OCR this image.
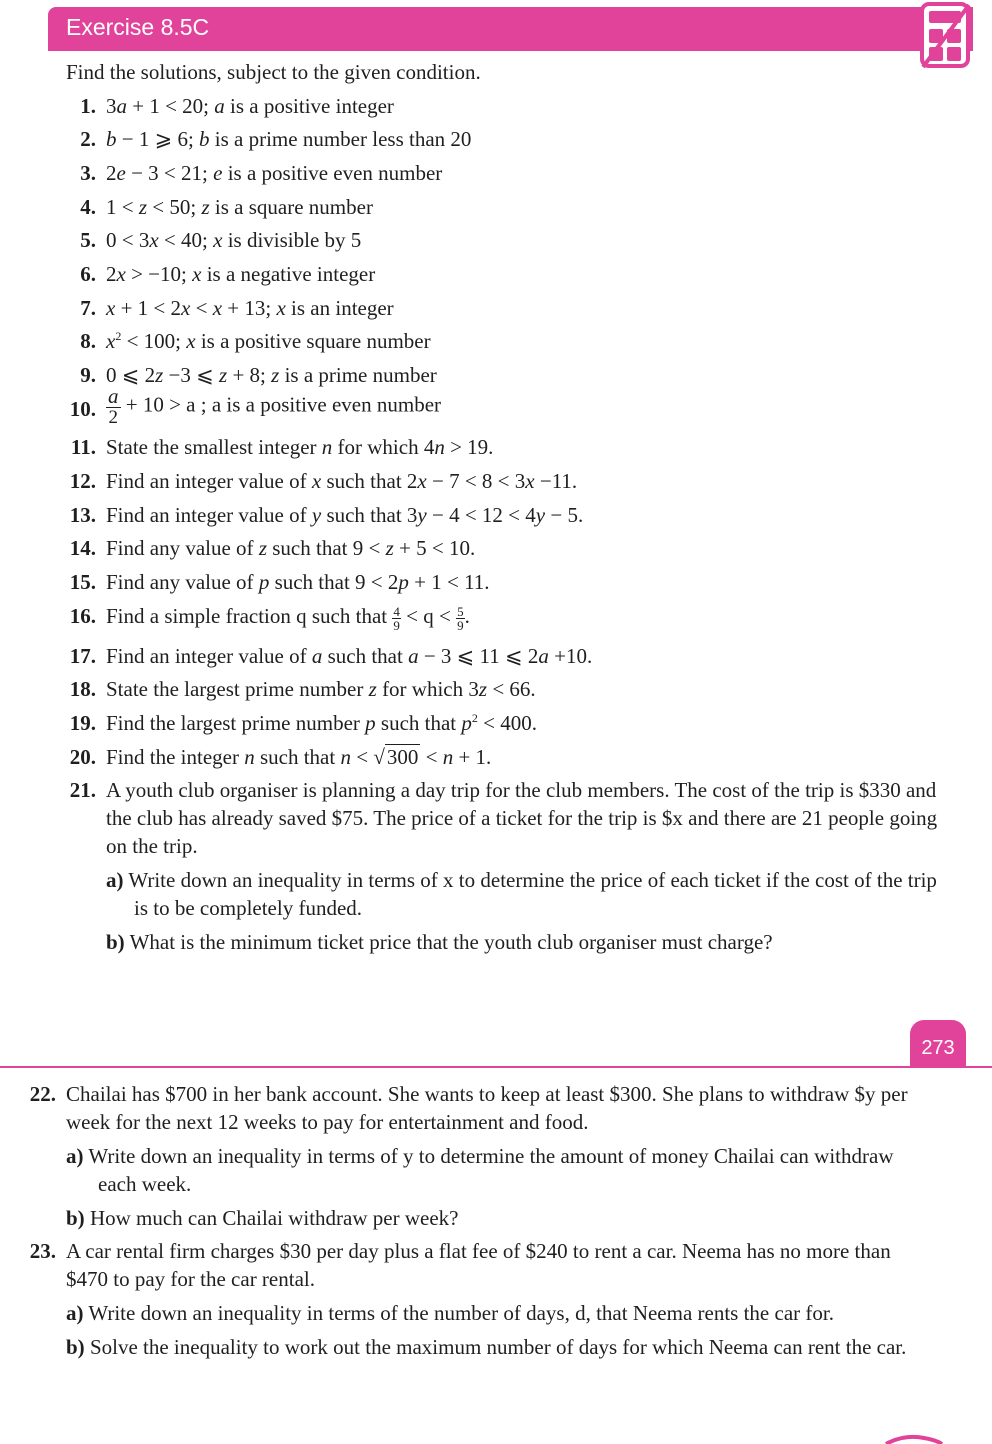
Exercise 8.5C
Find the solutions, subject to the given condition.
1. 3a + 1 < 20; a is a positive integer
2. b − 1 ⩾ 6; b is a prime number less than 20
3. 2e − 3 < 21; e is a positive even number
4. 1 < z < 50; z is a square number
5. 0 < 3x < 40; x is divisible by 5
6. 2x > −10; x is a negative integer
7. x + 1 < 2x < x + 13; x is an integer
8. $x^2 < 100$; x is a positive square number
9. 0 ⩽ 2z −3 ⩽ z + 8; z is a prime number
10. $\frac{a}{2} + 10 > a$ ; a is a positive even number
11. State the smallest integer n for which 4n > 19.
12. Find an integer value of x such that 2x − 7 < 8 < 3x −11.
13. Find an integer value of y such that 3y − 4 < 12 < 4y − 5.
14. Find any value of z such that 9 < z + 5 < 10.
15. Find any value of p such that 9 < 2p + 1 < 11.
16. Find a simple fraction q such that $\frac{4}{9} < q < \frac{5}{9}$ .
17. Find an integer value of a such that a − 3 ⩽ 11 ⩽ 2a +10.
18. State the largest prime number z for which 3z < 66.
19. Find the largest prime number p such that $p^2 < 400$.
20. Find the integer n such that n < √300 < n + 1.
21. A youth club organiser is planning a day trip for the club members. The cost of the trip is $330 and the club has already saved $75. The price of a ticket for the trip is $x and there are 21 people going on the trip.
a) Write down an inequality in terms of x to determine the price of each ticket if the cost of the trip is to be completely funded.
b) What is the minimum ticket price that the youth club organiser must charge?
273
22. Chailai has $700 in her bank account. She wants to keep at least $300. She plans to withdraw $y per week for the next 12 weeks to pay for entertainment and food.
a) Write down an inequality in terms of y to determine the amount of money Chailai can withdraw each week.
b) How much can Chailai withdraw per week?
23. A car rental firm charges $30 per day plus a flat fee of $240 to rent a car. Neema has no more than $470 to pay for the car rental.
a) Write down an inequality in terms of the number of days, d, that Neema rents the car for.
b) Solve the inequality to work out the maximum number of days for which Neema can rent the car.
